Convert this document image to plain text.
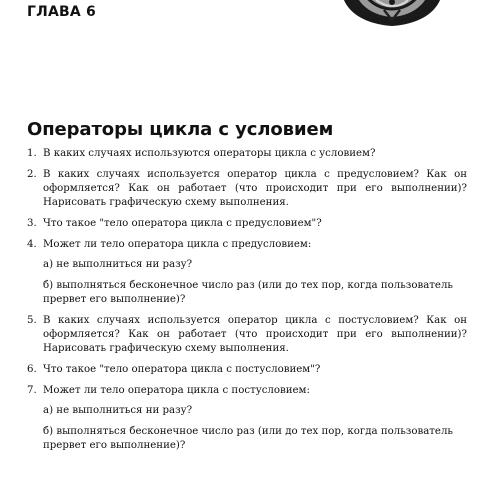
ГЛАВА 6
Операторы цикла с условием
1. В каких случаях используются операторы цикла с условием?
2. В каких случаях используется оператор цикла с предусловием? Как он оформляется? Как он работает (что происходит при его выполнении)? Нарисовать графическую схему выполнения.
3. Что такое "тело оператора цикла с предусловием"?
4. Может ли тело оператора цикла с предусловием:

а) не выполниться ни разу?

б) выполняться бесконечное число раз (или до тех пор, когда пользователь прервет его выполнение)?

5. В каких случаях используется оператор цикла с постусловием? Как он оформляется? Как он работает (что происходит при его выполнении)? Нарисовать графическую схему выполнения.
6. Что такое "тело оператора цикла с постусловием"?
7. Может ли тело оператора цикла с постусловием:

а) не выполниться ни разу?

б) выполняться бесконечное число раз (или до тех пор, когда пользователь прервет его выполнение)?
